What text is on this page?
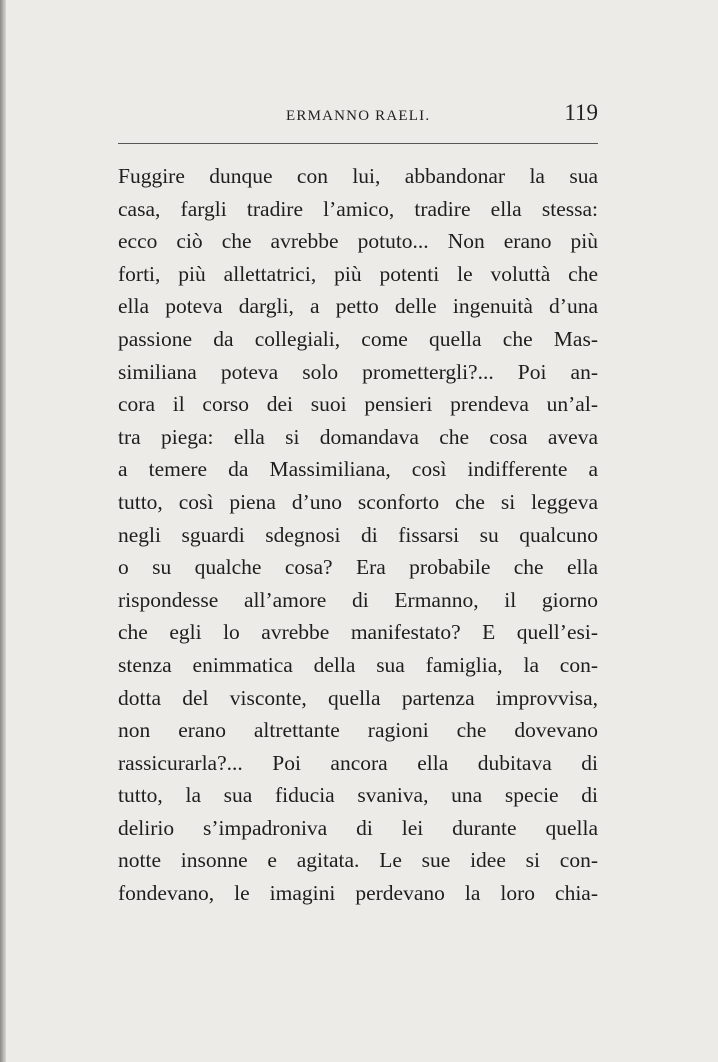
ERMANNO RAELI.	119
Fuggire dunque con lui, abbandonar la sua
casa, fargli tradire l’amico, tradire ella stessa:
ecco ciò che avrebbe potuto... Non erano più
forti, più allettatrici, più potenti le voluttà che
ella poteva dargli, a petto delle ingenuità d’una
passione da collegiali, come quella che Mas-
similiana poteva solo promettergli?... Poi an-
cora il corso dei suoi pensieri prendeva un’al-
tra piega: ella si domandava che cosa aveva
a temere da Massimiliana, così indifferente a
tutto, così piena d’uno sconforto che si leggeva
negli sguardi sdegnosi di fissarsi su qualcuno
o su qualche cosa? Era probabile che ella
rispondesse all’amore di Ermanno, il giorno
che egli lo avrebbe manifestato? E quell’esi-
stenza enimmatica della sua famiglia, la con-
dotta del visconte, quella partenza improvvisa,
non erano altrettante ragioni che dovevano
rassicurarla?... Poi ancora ella dubitava di
tutto, la sua fiducia svaniva, una specie di
delirio s’impadroniva di lei durante quella
notte insonne e agitata. Le sue idee si con-
fondevano, le imagini perdevano la loro chia-
